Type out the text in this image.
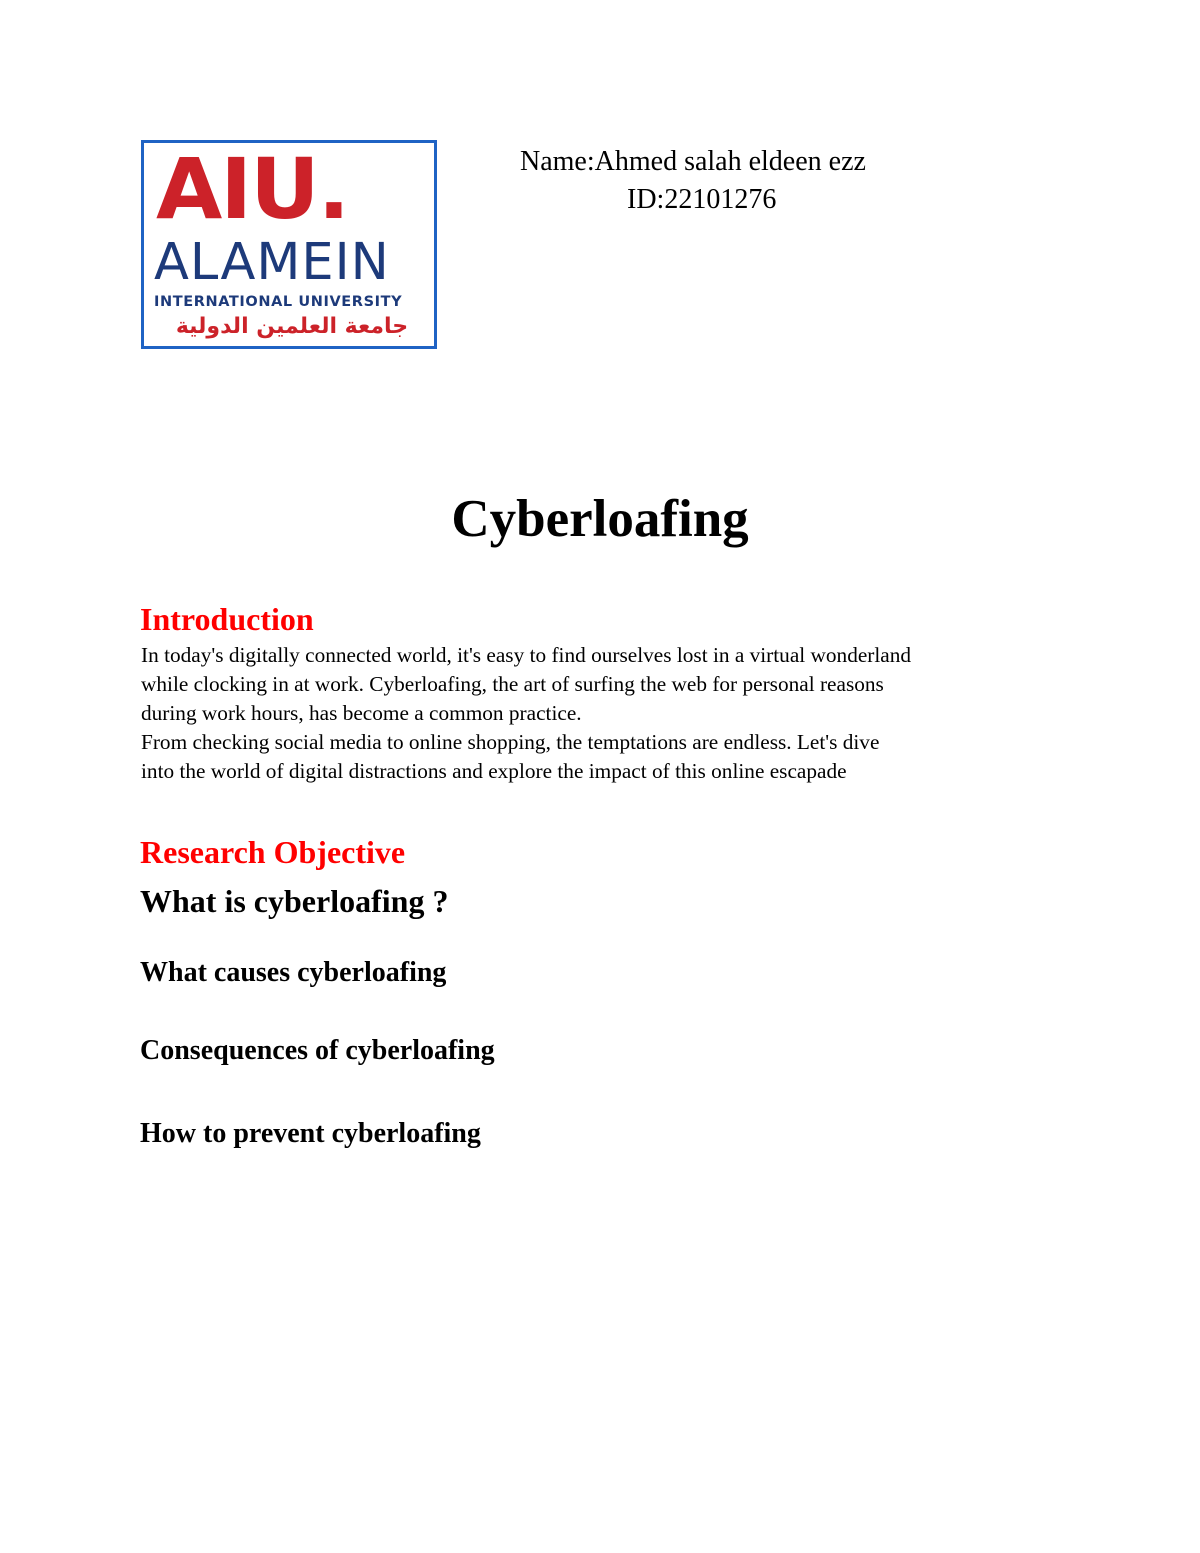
AIU.
ALAMEIN
INTERNATIONAL UNIVERSITY
جامعة العلمين الدولية
Name:Ahmed salah eldeen ezz
ID:22101276
Cyberloafing
Introduction
In today's digitally connected world, it's easy to find ourselves lost in a virtual wonderland
while clocking in at work. Cyberloafing, the art of surfing the web for personal reasons
during work hours, has become a common practice.
From checking social media to online shopping, the temptations are endless. Let's dive
into the world of digital distractions and explore the impact of this online escapade
Research Objective
What is cyberloafing ?
What causes cyberloafing
Consequences of cyberloafing
How to prevent cyberloafing
